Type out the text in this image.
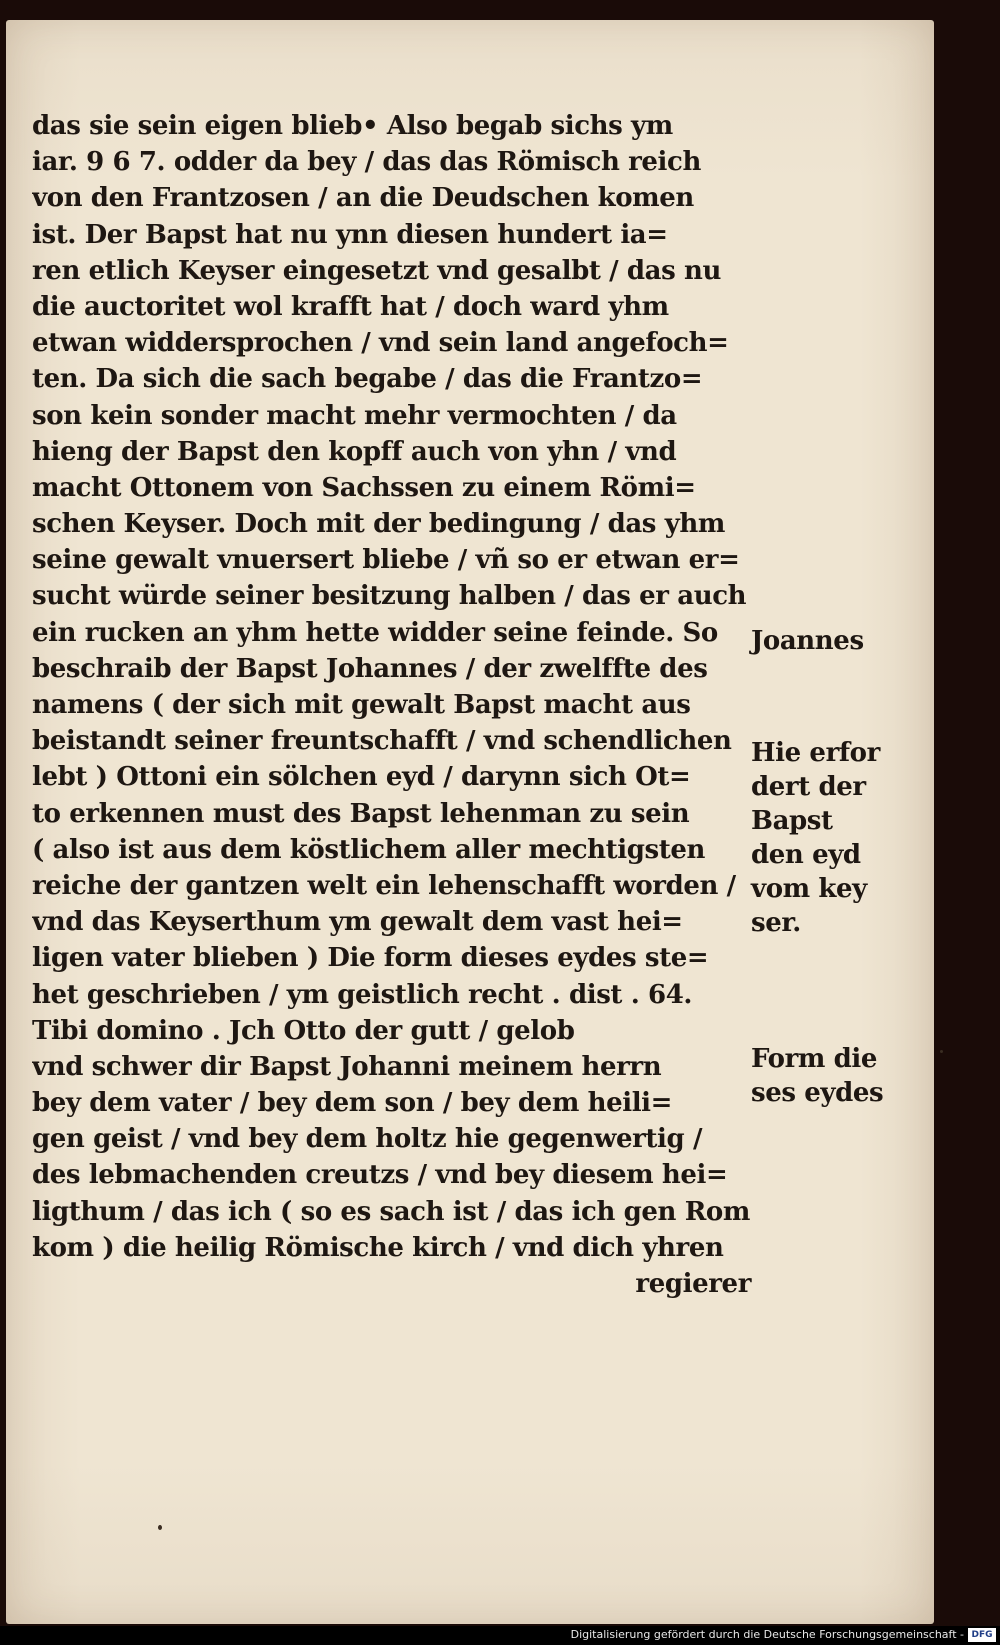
das sie sein eigen blieb• Also begab sichs ym
iar. 9 6 7. odder da bey / das das Römisch reich
von den Frantzosen / an die Deudschen komen
ist. Der Bapst hat nu ynn diesen hundert ia=
ren etlich Keyser eingesetzt vnd gesalbt / das nu
die auctoritet wol krafft hat / doch ward yhm
etwan widdersprochen / vnd sein land angefoch=
ten. Da sich die sach begabe / das die Frantzo=
son kein sonder macht mehr vermochten / da
hieng der Bapst den kopff auch von yhn / vnd
macht Ottonem von Sachssen zu einem Römi=
schen Keyser. Doch mit der bedingung / das yhm
seine gewalt vnuersert bliebe / vñ so er etwan er=
sucht würde seiner besitzung halben / das er auch
ein rucken an yhm hette widder seine feinde. So
beschraib der Bapst Johannes / der zwelffte des
namens ( der sich mit gewalt Bapst macht aus
beistandt seiner freuntschafft / vnd schendlichen
lebt ) Ottoni ein sölchen eyd / darynn sich Ot=
to erkennen must des Bapst lehenman zu sein
( also ist aus dem köstlichem aller mechtigsten
reiche der gantzen welt ein lehenschafft worden /
vnd das Keyserthum ym gewalt dem vast hei=
ligen vater blieben ) Die form dieses eydes ste=
het geschrieben / ym geistlich recht . dist . 64.
Tibi domino . Jch Otto der gutt / gelob
vnd schwer dir Bapst Johanni meinem herrn
bey dem vater / bey dem son / bey dem heili=
gen geist / vnd bey dem holtz hie gegenwertig /
des lebmachenden creutzs / vnd bey diesem hei=
ligthum / das ich ( so es sach ist / das ich gen Rom
kom ) die heilig Römische kirch / vnd dich yhren
regierer
Joannes
Hie erfor
dert der
Bapst
den eyd
vom key
ser.
Form die
ses eydes
Digitalisierung gefördert durch die Deutsche Forschungsgemeinschaft - DFG
